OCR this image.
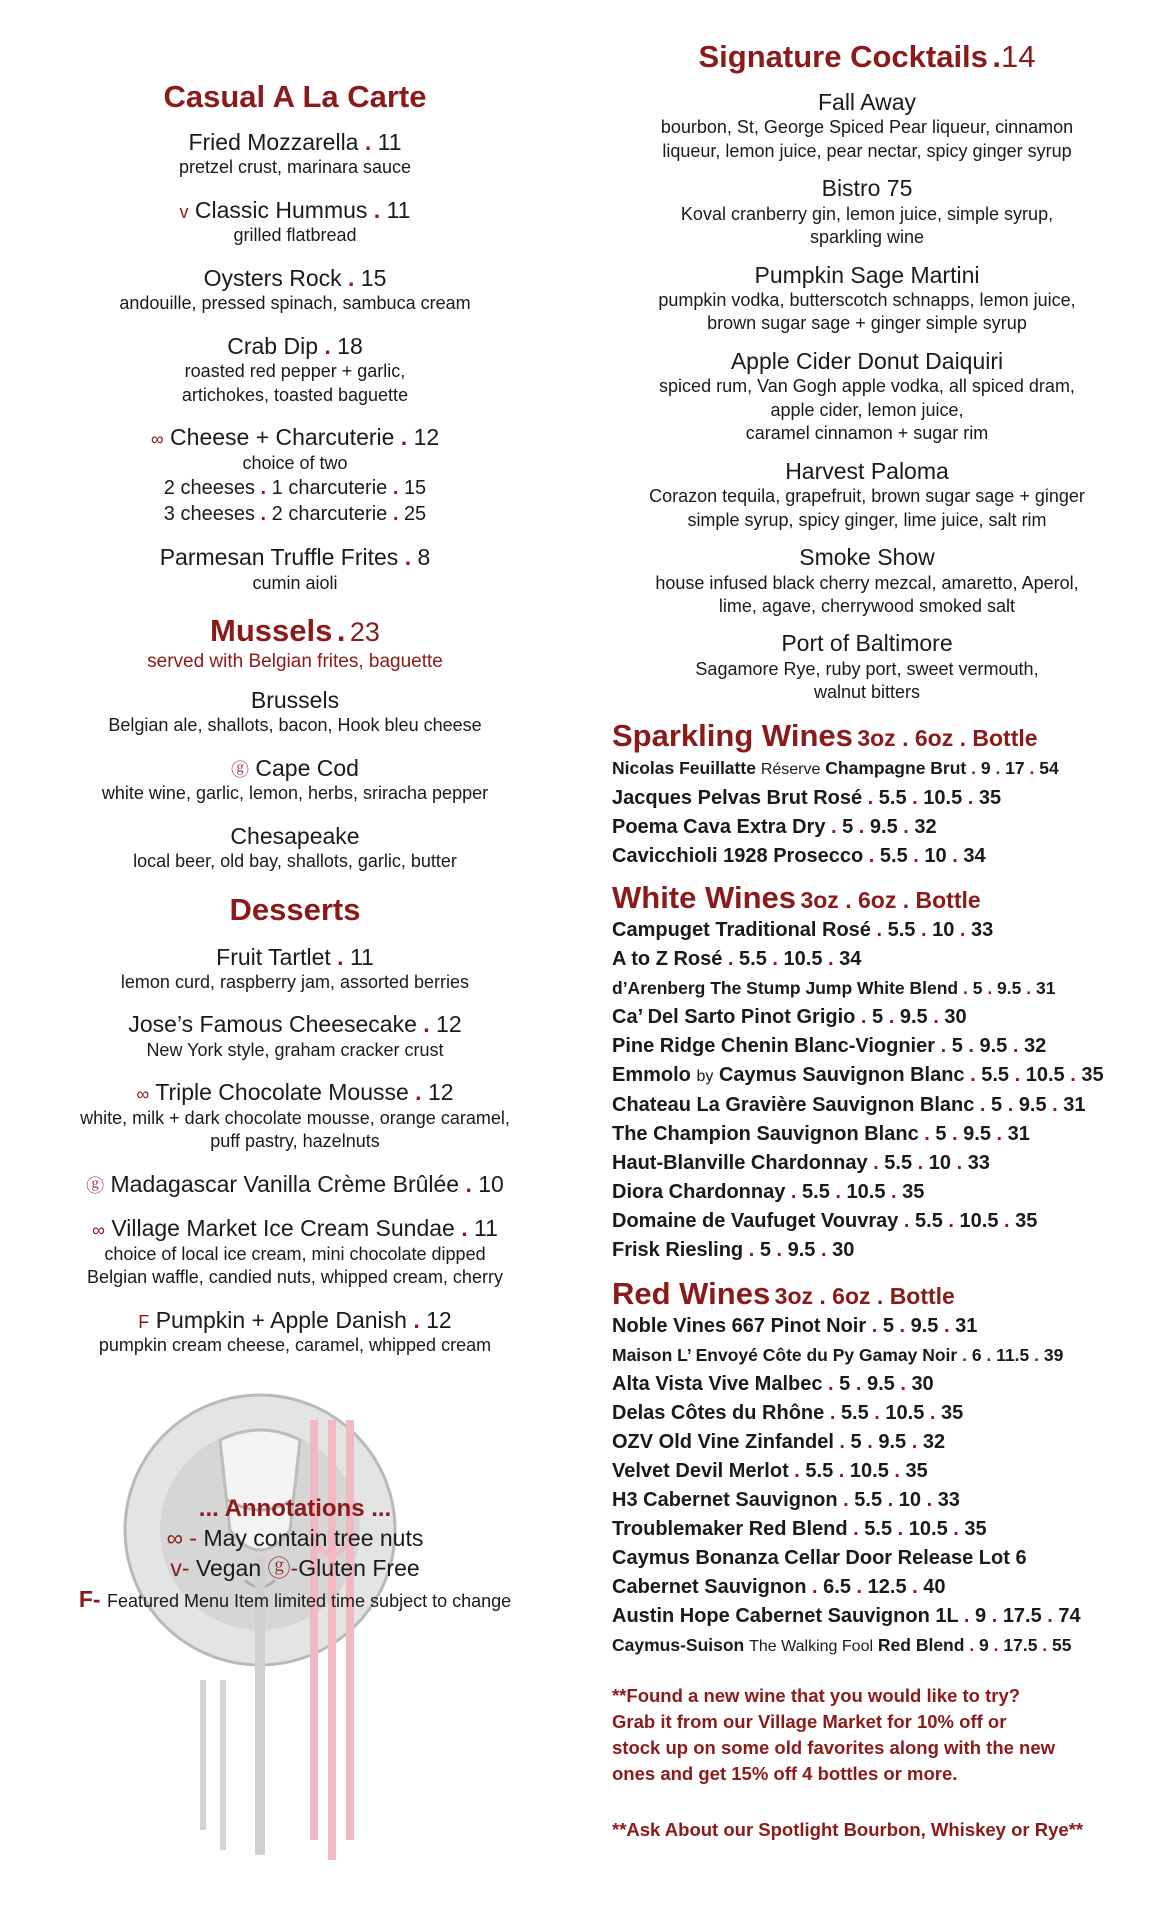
Casual A La Carte
Fried Mozzarella . 11
pretzel crust, marinara sauce
v Classic Hummus . 11
grilled flatbread
Oysters Rock . 15
andouille, pressed spinach, sambuca cream
Crab Dip . 18
roasted red pepper + garlic,
artichokes, toasted baguette
∞ Cheese + Charcuterie . 12
choice of two
2 cheeses . 1 charcuterie . 15
3 cheeses . 2 charcuterie . 25
Parmesan Truffle Frites . 8
cumin aioli
Mussels . 23
served with Belgian frites, baguette
Brussels
Belgian ale, shallots, bacon, Hook bleu cheese
ⓖ Cape Cod
white wine, garlic, lemon, herbs, sriracha pepper
Chesapeake
local beer, old bay, shallots, garlic, butter
Desserts
Fruit Tartlet . 11
lemon curd, raspberry jam, assorted berries
Jose’s Famous Cheesecake . 12
New York style, graham cracker crust
∞ Triple Chocolate Mousse . 12
white, milk + dark chocolate mousse, orange caramel,
puff pastry, hazelnuts
ⓖ Madagascar Vanilla Crème Brûlée . 10
∞ Village Market Ice Cream Sundae . 11
choice of local ice cream, mini chocolate dipped
Belgian waffle, candied nuts, whipped cream, cherry
F Pumpkin + Apple Danish . 12
pumpkin cream cheese, caramel, whipped cream
... Annotations ...
∞ - May contain tree nuts
v- Vegan ⓖ-Gluten Free
F- Featured Menu Item limited time subject to change
Signature Cocktails .14
Fall Away
bourbon, St, George Spiced Pear liqueur, cinnamon
liqueur, lemon juice, pear nectar, spicy ginger syrup
Bistro 75
Koval cranberry gin, lemon juice, simple syrup,
sparkling wine
Pumpkin Sage Martini
pumpkin vodka, butterscotch schnapps, lemon juice,
brown sugar sage + ginger simple syrup
Apple Cider Donut Daiquiri
spiced rum, Van Gogh apple vodka, all spiced dram,
apple cider, lemon juice,
caramel cinnamon + sugar rim
Harvest Paloma
Corazon tequila, grapefruit, brown sugar sage + ginger
simple syrup, spicy ginger, lime juice, salt rim
Smoke Show
house infused black cherry mezcal, amaretto, Aperol,
lime, agave, cherrywood smoked salt
Port of Baltimore
Sagamore Rye, ruby port, sweet vermouth,
walnut bitters
Sparkling Wines 3oz . 6oz . Bottle
Nicolas Feuillatte Réserve Champagne Brut . 9 . 17 . 54
Jacques Pelvas Brut Rosé . 5.5 . 10.5 . 35
Poema Cava Extra Dry . 5 . 9.5 . 32
Cavicchioli 1928 Prosecco . 5.5 . 10 . 34
White Wines 3oz . 6oz . Bottle
Campuget Traditional Rosé . 5.5 . 10 . 33
A to Z Rosé . 5.5 . 10.5 . 34
d’Arenberg The Stump Jump White Blend . 5 . 9.5 . 31
Ca’ Del Sarto Pinot Grigio . 5 . 9.5 . 30
Pine Ridge Chenin Blanc-Viognier . 5 . 9.5 . 32
Emmolo by Caymus Sauvignon Blanc . 5.5 . 10.5 . 35
Chateau La Gravière Sauvignon Blanc . 5 . 9.5 . 31
The Champion Sauvignon Blanc . 5 . 9.5 . 31
Haut-Blanville Chardonnay . 5.5 . 10 . 33
Diora Chardonnay . 5.5 . 10.5 . 35
Domaine de Vaufuget Vouvray . 5.5 . 10.5 . 35
Frisk Riesling . 5 . 9.5 . 30
Red Wines 3oz . 6oz . Bottle
Noble Vines 667 Pinot Noir . 5 . 9.5 . 31
Maison L’ Envoyé Côte du Py Gamay Noir . 6 . 11.5 . 39
Alta Vista Vive Malbec . 5 . 9.5 . 30
Delas Côtes du Rhône . 5.5 . 10.5 . 35
OZV Old Vine Zinfandel . 5 . 9.5 . 32
Velvet Devil Merlot . 5.5 . 10.5 . 35
H3 Cabernet Sauvignon . 5.5 . 10 . 33
Troublemaker Red Blend . 5.5 . 10.5 . 35
Caymus Bonanza Cellar Door Release Lot 6
Cabernet Sauvignon . 6.5 . 12.5 . 40
Austin Hope Cabernet Sauvignon 1L . 9 . 17.5 . 74
Caymus-Suison The Walking Fool Red Blend . 9 . 17.5 . 55
**Found a new wine that you would like to try?
Grab it from our Village Market for 10% off or
stock up on some old favorites along with the new
ones and get 15% off 4 bottles or more.
**Ask About our Spotlight Bourbon, Whiskey or Rye**
